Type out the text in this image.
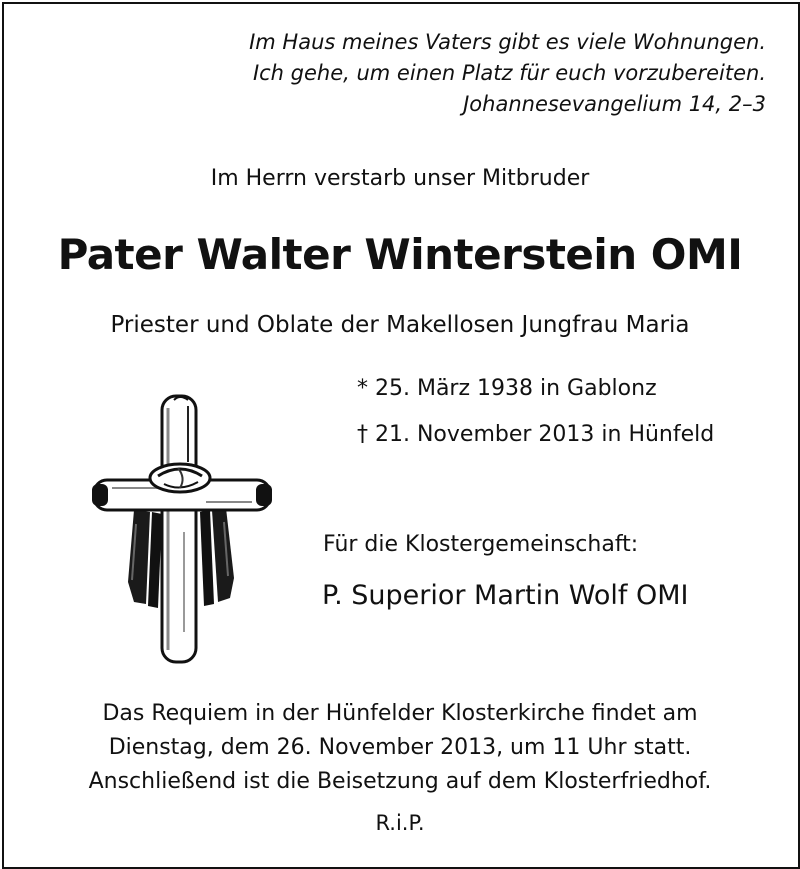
Im Haus meines Vaters gibt es viele Wohnungen.
Ich gehe, um einen Platz für euch vorzubereiten.
Johannesevangelium 14, 2–3
Im Herrn verstarb unser Mitbruder
Pater Walter Winterstein OMI
Priester und Oblate der Makellosen Jungfrau Maria
* 25. März 1938 in Gablonz
† 21. November 2013 in Hünfeld
Für die Klostergemeinschaft:
P. Superior Martin Wolf OMI
Das Requiem in der Hünfelder Klosterkirche findet am
Dienstag, dem 26. November 2013, um 11 Uhr statt.
Anschließend ist die Beisetzung auf dem Klosterfriedhof.
R.i.P.
